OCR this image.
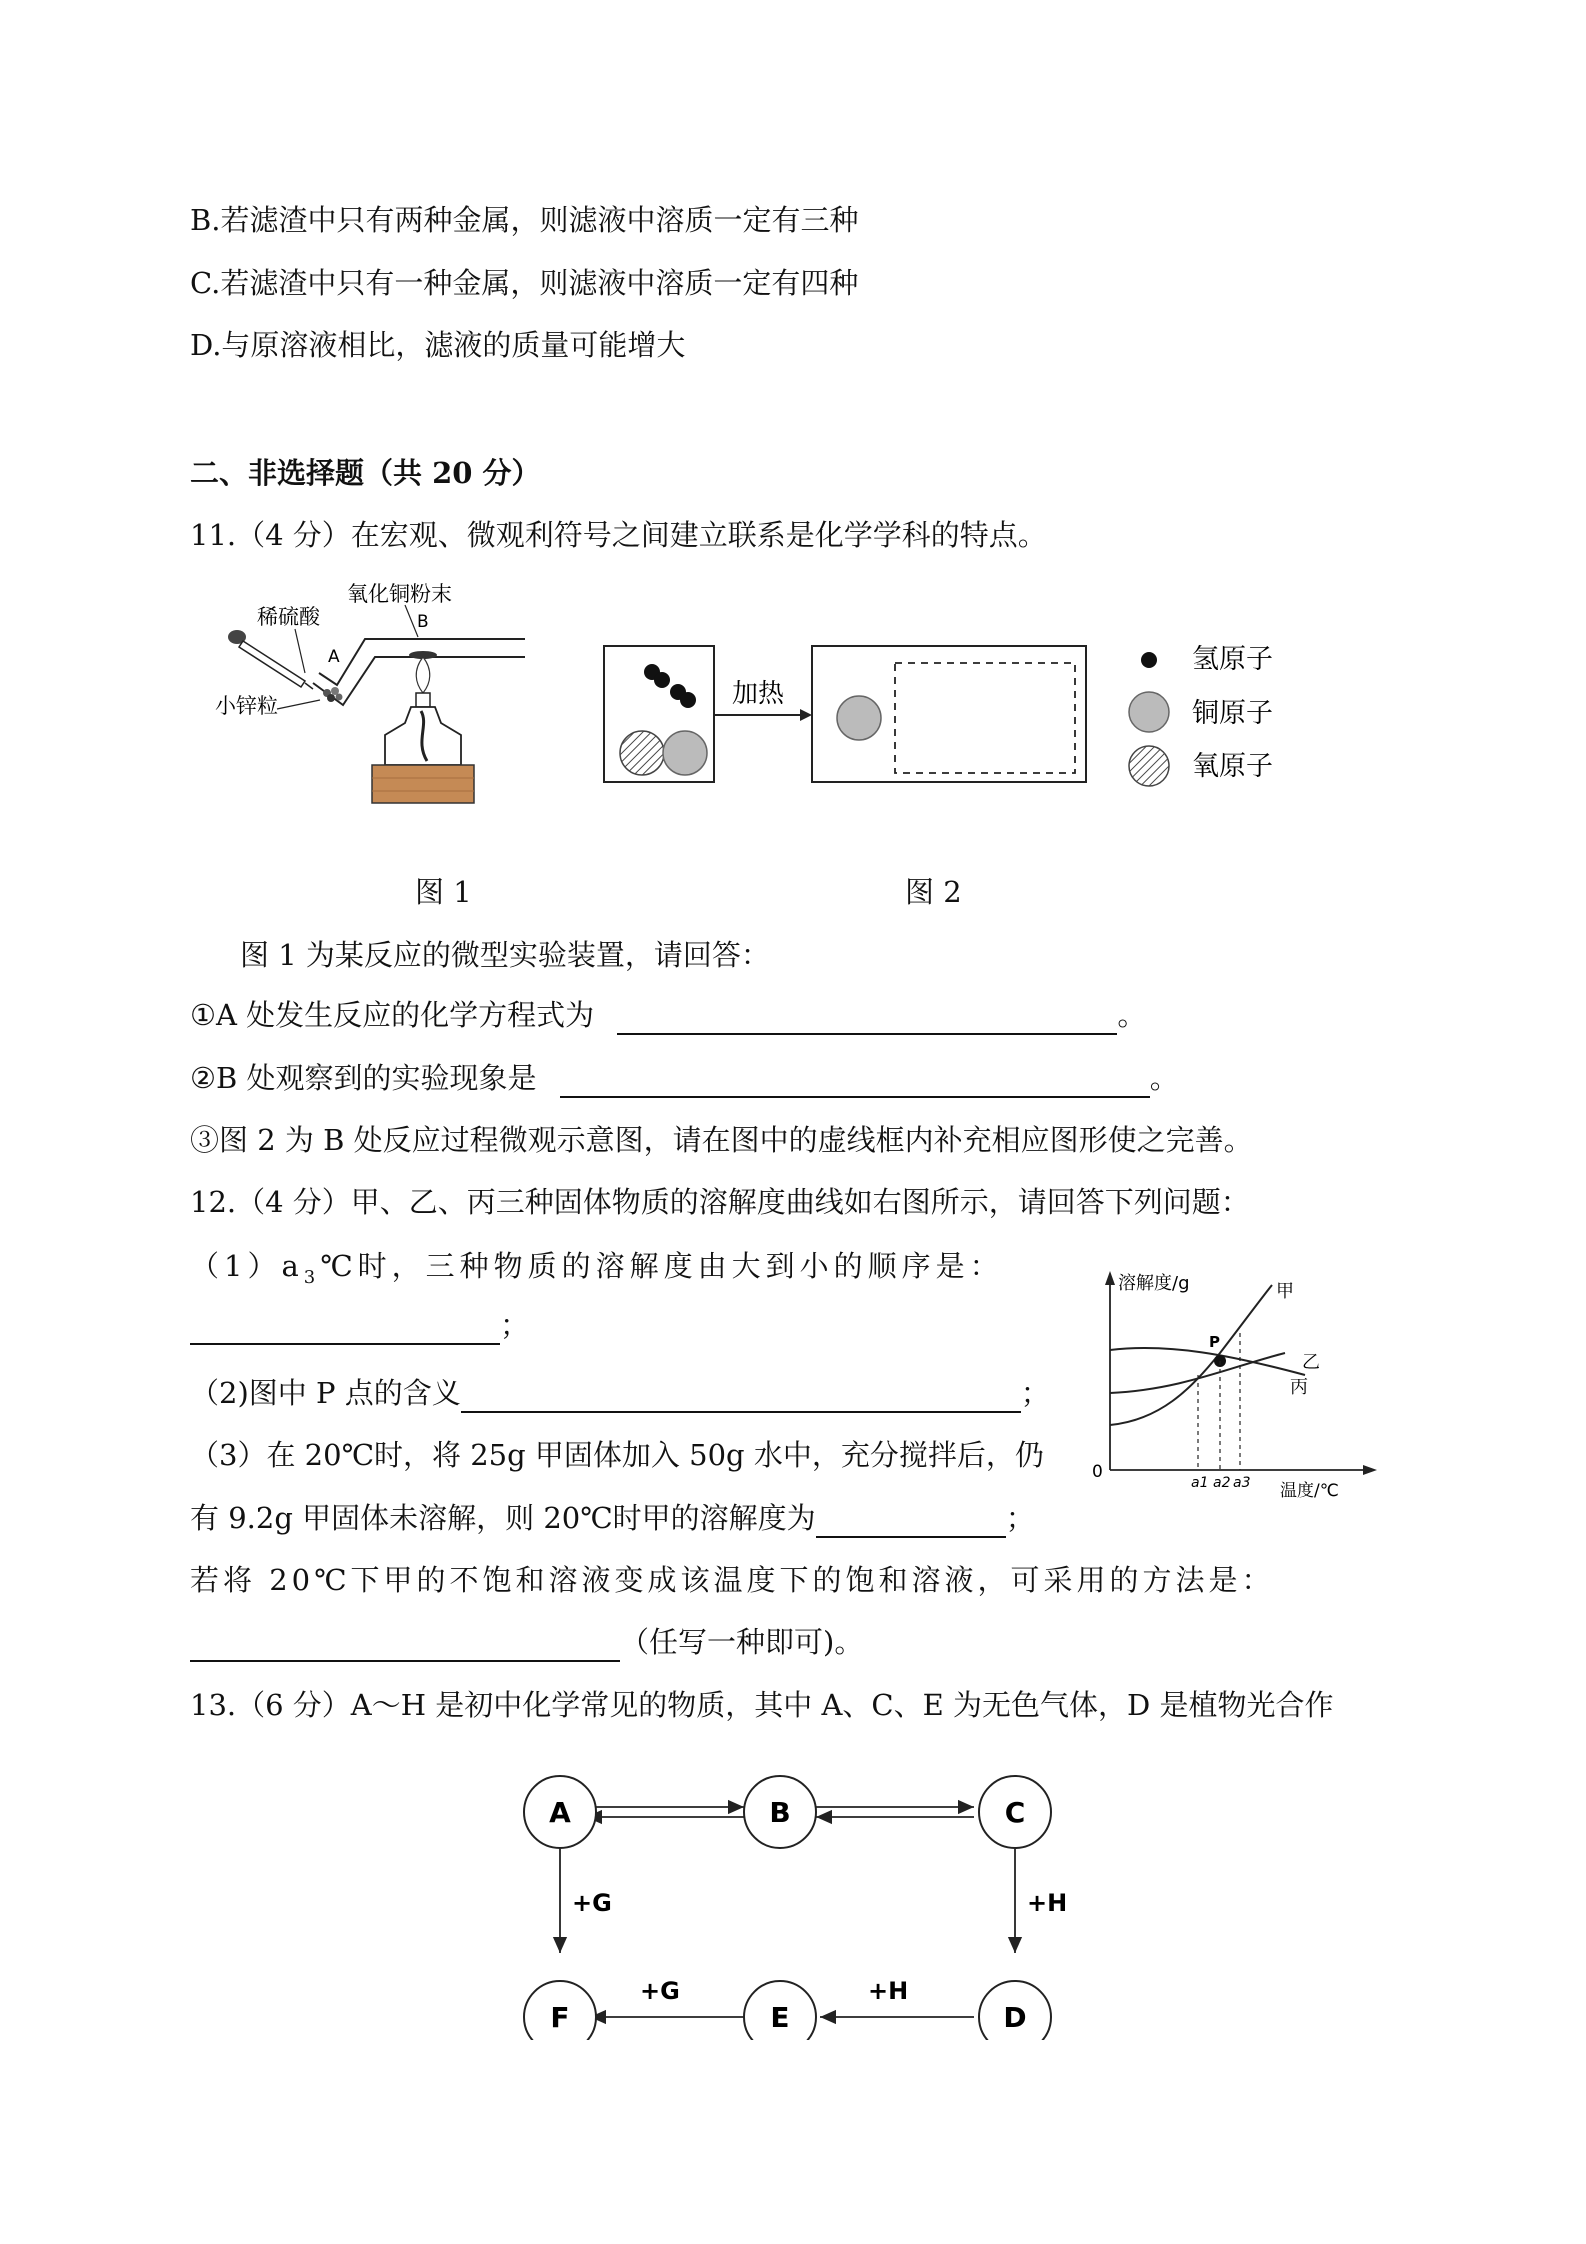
B.若滤渣中只有两种金属，则滤液中溶质一定有三种
C.若滤渣中只有一种金属，则滤液中溶质一定有四种
D.与原溶液相比，滤液的质量可能增大
二、非选择题（共 20 分）
11.（4 分）在宏观、微观利符号之间建立联系是化学学科的特点。
稀硫酸
氧化铜粉末
B
A
小锌粒
图 1
加热
氢原子
铜原子
氧原子
图 2
图 1 为某反应的微型实验装置，请回答：
①A 处发生反应的化学方程式为	。
②B 处观察到的实验现象是	。
③图 2 为 B 处反应过程微观示意图，请在图中的虚线框内补充相应图形使之完善。
12.（4 分）甲、乙、丙三种固体物质的溶解度曲线如右图所示，请回答下列问题：
$(1)a_3℃$时，三种物质的溶解度由大到小的顺序是：
；
（2)图中 P 点的含义	；
（3）在 20℃时，将 25g 甲固体加入 50g 水中，充分搅拌后，仍
有 9.2g 甲固体未溶解，则 20℃时甲的溶解度为	；
若将 20℃下甲的不饱和溶液变成该温度下的饱和溶液，可采用的方法是：
（任写一种即可)。
溶解度/g
温度/℃
0
P
甲
乙
丙
a1 a2 a3
13.（6 分）A～H 是初中化学常见的物质，其中 A、C、E 为无色气体，D 是植物光合作
+G	+H
+H
+G
A	B	C
F	E	D
